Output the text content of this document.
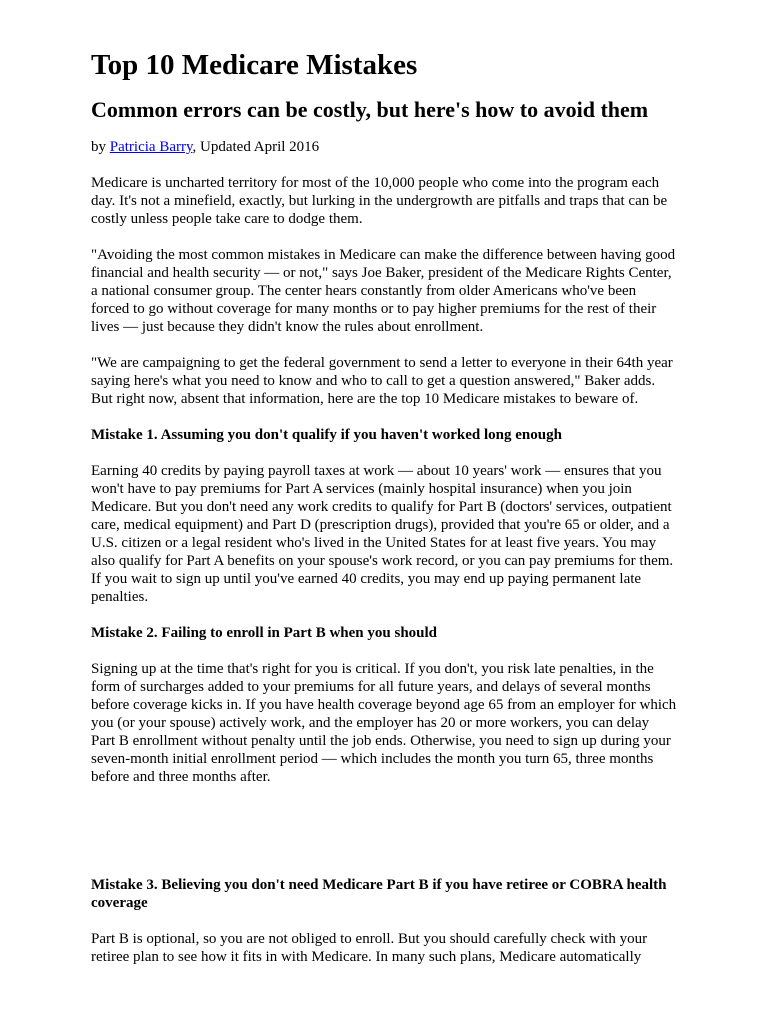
Top 10 Medicare Mistakes
Common errors can be costly, but here's how to avoid them

by Patricia Barry, Updated April 2016

Medicare is uncharted territory for most of the 10,000 people who come into the program each day. It's not a minefield, exactly, but lurking in the undergrowth are pitfalls and traps that can be costly unless people take care to dodge them.

"Avoiding the most common mistakes in Medicare can make the difference between having good financial and health security — or not," says Joe Baker, president of the Medicare Rights Center, a national consumer group. The center hears constantly from older Americans who've been forced to go without coverage for many months or to pay higher premiums for the rest of their lives — just because they didn't know the rules about enrollment.

"We are campaigning to get the federal government to send a letter to everyone in their 64th year saying here's what you need to know and who to call to get a question answered," Baker adds. But right now, absent that information, here are the top 10 Medicare mistakes to beware of.

Mistake 1. Assuming you don't qualify if you haven't worked long enough

Earning 40 credits by paying payroll taxes at work — about 10 years' work — ensures that you won't have to pay premiums for Part A services (mainly hospital insurance) when you join Medicare. But you don't need any work credits to qualify for Part B (doctors' services, outpatient care, medical equipment) and Part D (prescription drugs), provided that you're 65 or older, and a U.S. citizen or a legal resident who's lived in the United States for at least five years. You may also qualify for Part A benefits on your spouse's work record, or you can pay premiums for them. If you wait to sign up until you've earned 40 credits, you may end up paying permanent late penalties.

Mistake 2. Failing to enroll in Part B when you should

Signing up at the time that's right for you is critical. If you don't, you risk late penalties, in the form of surcharges added to your premiums for all future years, and delays of several months before coverage kicks in. If you have health coverage beyond age 65 from an employer for which you (or your spouse) actively work, and the employer has 20 or more workers, you can delay Part B enrollment without penalty until the job ends. Otherwise, you need to sign up during your seven-month initial enrollment period — which includes the month you turn 65, three months before and three months after.

Mistake 3. Believing you don't need Medicare Part B if you have retiree or COBRA health coverage

Part B is optional, so you are not obliged to enroll. But you should carefully check with your retiree plan to see how it fits in with Medicare. In many such plans, Medicare automatically
